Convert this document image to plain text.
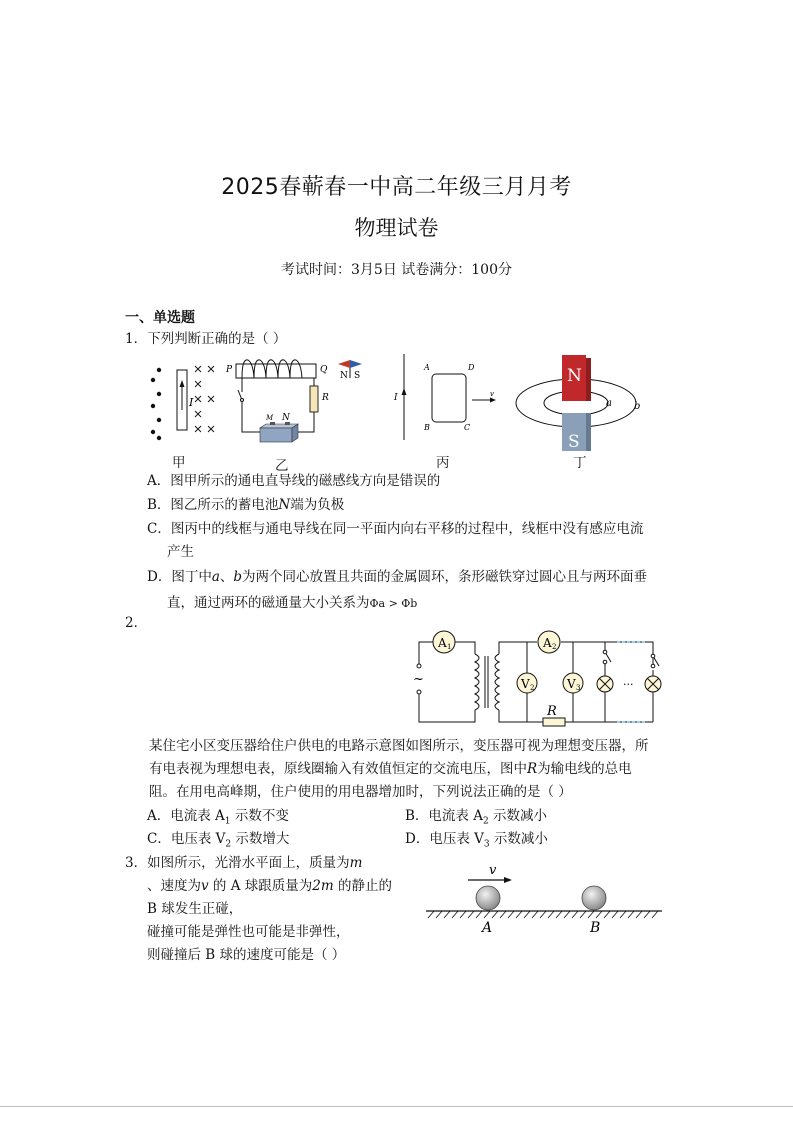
2025春蕲春一中高二年级三月月考
物理试卷
考试时间：3月5日 试卷满分：100分
一、单选题
1．下列判断正确的是（ ）
I
P	Q
R
M N
N S
I
A	D
B	C
v
N
S
a b
甲	乙	丙	丁
A．图甲所示的通电直导线的磁感线方向是错误的
B．图乙所示的蓄电池N端为负极
C．图丙中的线框与通电导线在同一平面内向右平移的过程中，线框中没有感应电流
产生
D．图丁中a、b为两个同心放置且共面的金属圆环，条形磁铁穿过圆心且与两环面垂
直，通过两环的磁通量大小关系为Φa > Φb
2．
~
A 1	A 2
V 2	V 3	···
R
某住宅小区变压器给住户供电的电路示意图如图所示，变压器可视为理想变压器，所
有电表视为理想电表，原线圈输入有效值恒定的交流电压，图中R为输电线的总电
阻。在用电高峰期，住户使用的用电器增加时，下列说法正确的是（ ）
A．电流表 $A_1$ 示数不变	B．电流表 $A_2$ 示数减小
C．电压表 $V_2$ 示数增大	D．电压表 $V_3$ 示数减小
3．如图所示，光滑水平面上，质量为m
、速度为v 的 A 球跟质量为2m 的静止的
B 球发生正碰，
碰撞可能是弹性也可能是非弹性，
则碰撞后 B 球的速度可能是（ ）
v
A	B
